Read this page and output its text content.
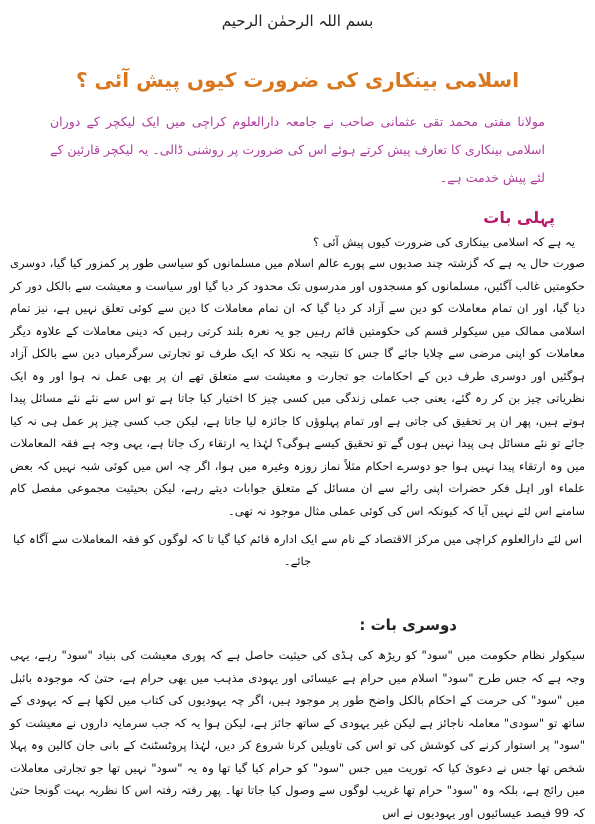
بسم اللہ الرحمٰن الرحیم
اسلامی بینکاری کی ضرورت کیوں پیش آئی ؟
مولانا مفتی محمد تقی عثمانی صاحب نے جامعہ دارالعلوم کراچی میں ایک لیکچر کے دوران اسلامی بینکاری کا تعارف پیش کرتے ہوئے اس کی ضرورت پر روشنی ڈالی۔ یہ لیکچر قارئین کے لئے پیش خدمت ہے۔
پہلی بات
یہ ہے کہ اسلامی بینکاری کی ضرورت کیوں پیش آئی ؟
صورت حال یہ ہے کہ گزشتہ چند صدیوں سے پورے عالم اسلام میں مسلمانوں کو سیاسی طور پر کمزور کیا گیا، دوسری حکومتیں غالب آگئیں، مسلمانوں کو مسجدوں اور مدرسوں تک محدود کر دیا گیا اور سیاست و معیشت سے بالکل دور کر دیا گیا، اور ان تمام معاملات کو دین سے آزاد کر دیا گیا کہ ان تمام معاملات کا دین سے کوئی تعلق نہیں ہے، نیز تمام اسلامی ممالک میں سیکولر قسم کی حکومتیں قائم رہیں جو یہ نعرہ بلند کرتی رہیں کہ دینی معاملات کے علاوہ دیگر معاملات کو اپنی مرضی سے چلایا جائے گا جس کا نتیجہ یہ نکلا کہ ایک طرف تو تجارتی سرگرمیاں دین سے بالکل آزاد ہوگئیں اور دوسری طرف دین کے احکامات جو تجارت و معیشت سے متعلق تھے ان پر بھی عمل نہ ہوا اور وہ ایک نظریاتی چیز بن کر رہ گئے، یعنی جب عملی زندگی میں کسی چیز کا اختیار کیا جاتا ہے تو اس سے نئے نئے مسائل پیدا ہوتے ہیں، پھر ان پر تحقیق کی جاتی ہے اور تمام پہلوؤں کا جائزہ لیا جاتا ہے، لیکن جب کسی چیز پر عمل ہی نہ کیا جائے تو نئے مسائل ہی پیدا نہیں ہوں گے تو تحقیق کیسے ہوگی؟ لہٰذا یہ ارتقاء رک جاتا ہے، یہی وجہ ہے فقہ المعاملات میں وہ ارتقاء پیدا نہیں ہوا جو دوسرے احکام مثلاً نماز روزہ وغیرہ میں ہوا، اگر چہ اس میں کوئی شبہ نہیں کہ بعض علماء اور اہل فکر حضرات اپنی رائے سے ان مسائل کے متعلق جوابات دیتے رہے، لیکن بحیثیت مجموعی مفصل کام سامنے اس لئے نہیں آیا کہ کیونکہ اس کی کوئی عملی مثال موجود نہ تھی۔
اس لئے دارالعلوم کراچی میں مرکز الاقتصاد کے نام سے ایک ادارہ قائم کیا گیا تا کہ لوگوں کو فقہ المعاملات سے آگاہ کیا جائے۔
دوسری بات :
سیکولر نظام حکومت میں "سود" کو ریڑھ کی ہڈی کی حیثیت حاصل ہے کہ پوری معیشت کی بنیاد "سود" رہے، یہی وجہ ہے کہ جس طرح "سود" اسلام میں حرام ہے عیسائی اور یہودی مذہب میں بھی حرام ہے، حتیٰ کہ موجودہ بائبل میں "سود" کی حرمت کے احکام بالکل واضح طور پر موجود ہیں، اگر چہ یہودیوں کی کتاب میں لکھا ہے کہ یہودی کے ساتھ تو "سودی" معاملہ ناجائز ہے لیکن غیر یہودی کے ساتھ جائز ہے، لیکن ہوا یہ کہ جب سرمایہ داروں نے معیشت کو "سود" پر استوار کرنے کی کوشش کی تو اس کی تاویلیں کرنا شروع کر دیں، لہٰذا پروٹسٹنٹ کے بانی جان کالین وہ پہلا شخص تھا جس نے دعویٰ کیا کہ توریت میں جس "سود" کو حرام کیا گیا تھا وہ یہ "سود" نہیں تھا جو تجارتی معاملات میں رائج ہے، بلکہ وہ "سود" حرام تھا غریب لوگوں سے وصول کیا جاتا تھا۔ پھر رفتہ رفتہ اس کا نظریہ بہت گونجا حتیٰ کہ 99 فیصد عیسائیوں اور یہودیوں نے اس
